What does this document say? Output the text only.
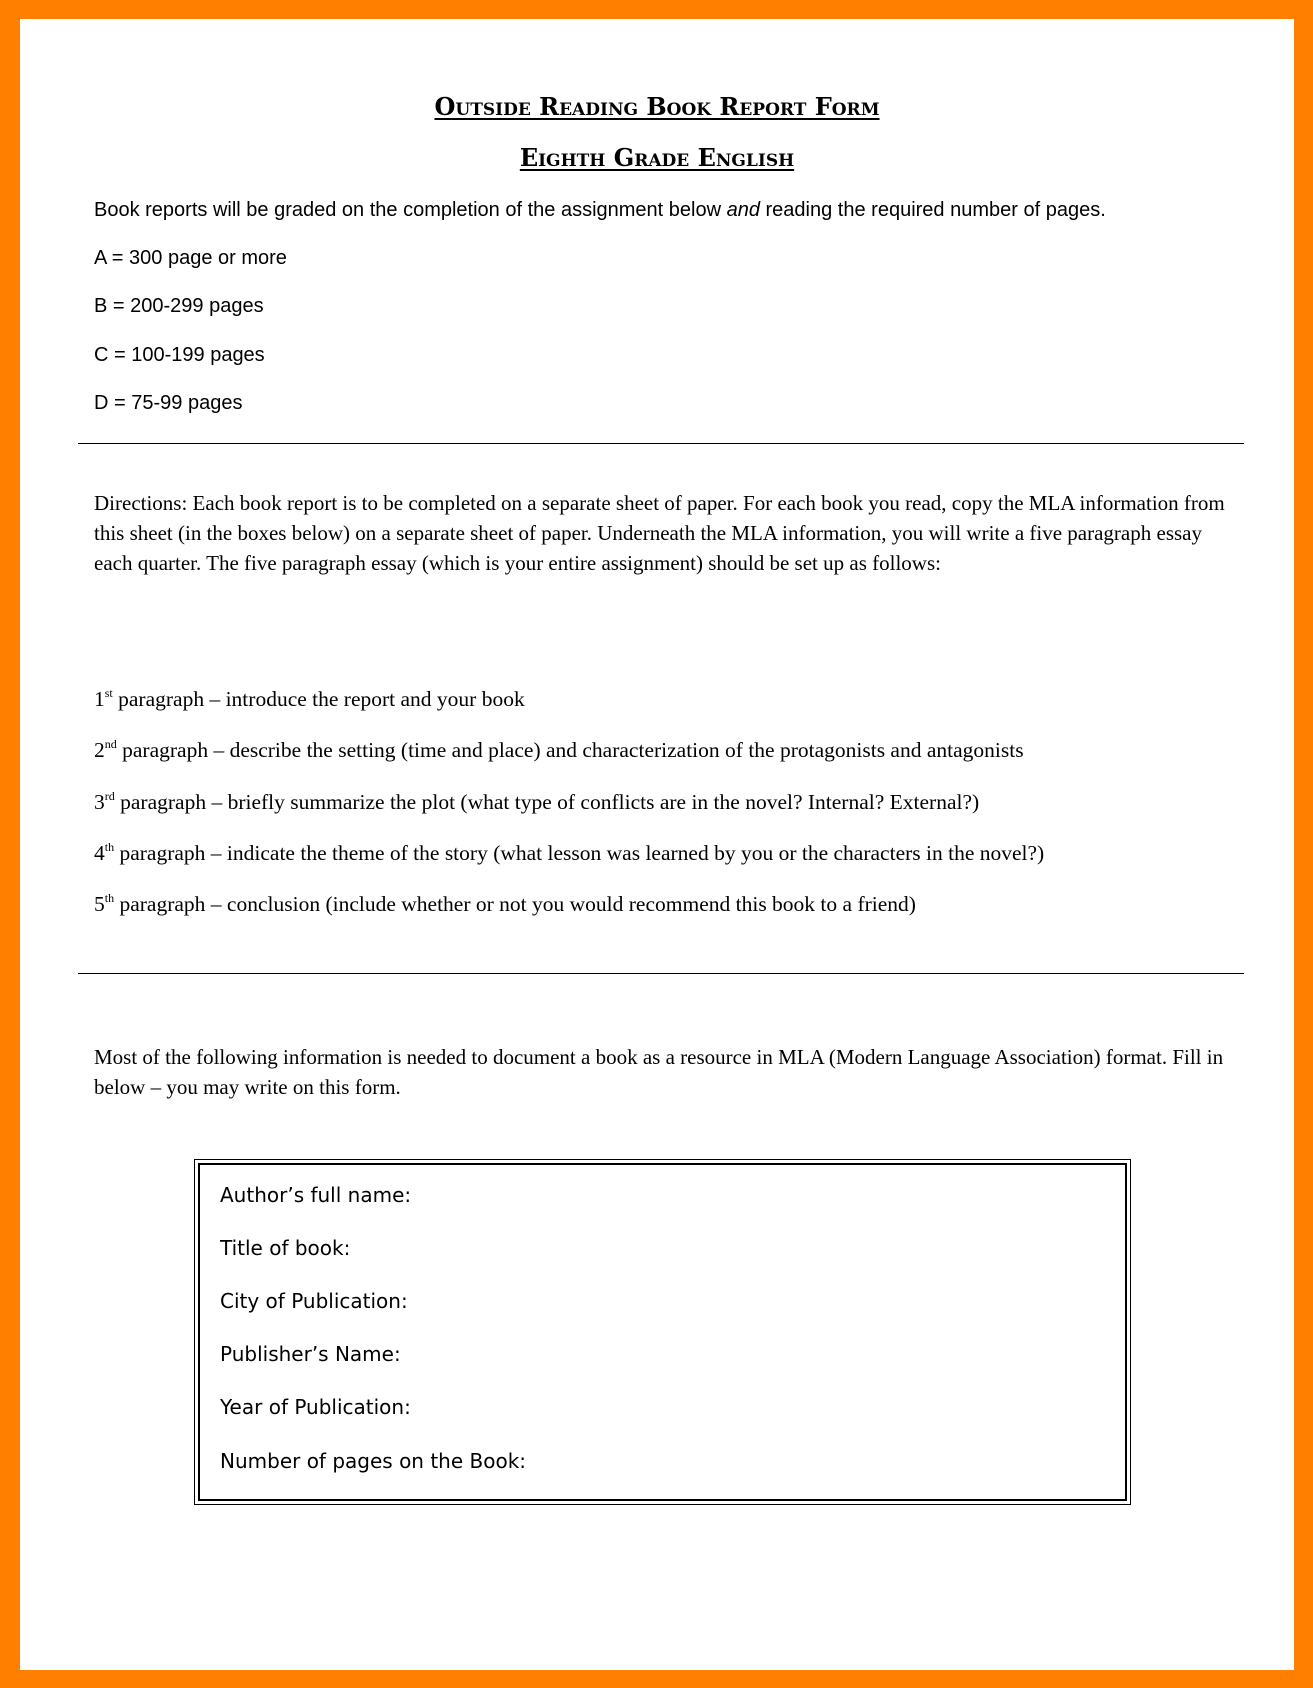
Outside Reading Book Report Form
Eighth Grade English

Book reports will be graded on the completion of the assignment below and reading the required number of pages.

A = 300 page or more

B = 200-299 pages

C = 100-199 pages

D = 75-99 pages

Directions: Each book report is to be completed on a separate sheet of paper. For each book you read, copy the MLA information from this sheet (in the boxes below) on a separate sheet of paper. Underneath the MLA information, you will write a five paragraph essay each quarter. The five paragraph essay (which is your entire assignment) should be set up as follows:

1st paragraph – introduce the report and your book

2nd paragraph – describe the setting (time and place) and characterization of the protagonists and antagonists

3rd paragraph – briefly summarize the plot (what type of conflicts are in the novel? Internal? External?)

4th paragraph – indicate the theme of the story (what lesson was learned by you or the characters in the novel?)

5th paragraph – conclusion (include whether or not you would recommend this book to a friend)

Most of the following information is needed to document a book as a resource in MLA (Modern Language Association) format. Fill in below – you may write on this form.

Author’s full name:

Title of book:

City of Publication:

Publisher’s Name:

Year of Publication:

Number of pages on the Book:
